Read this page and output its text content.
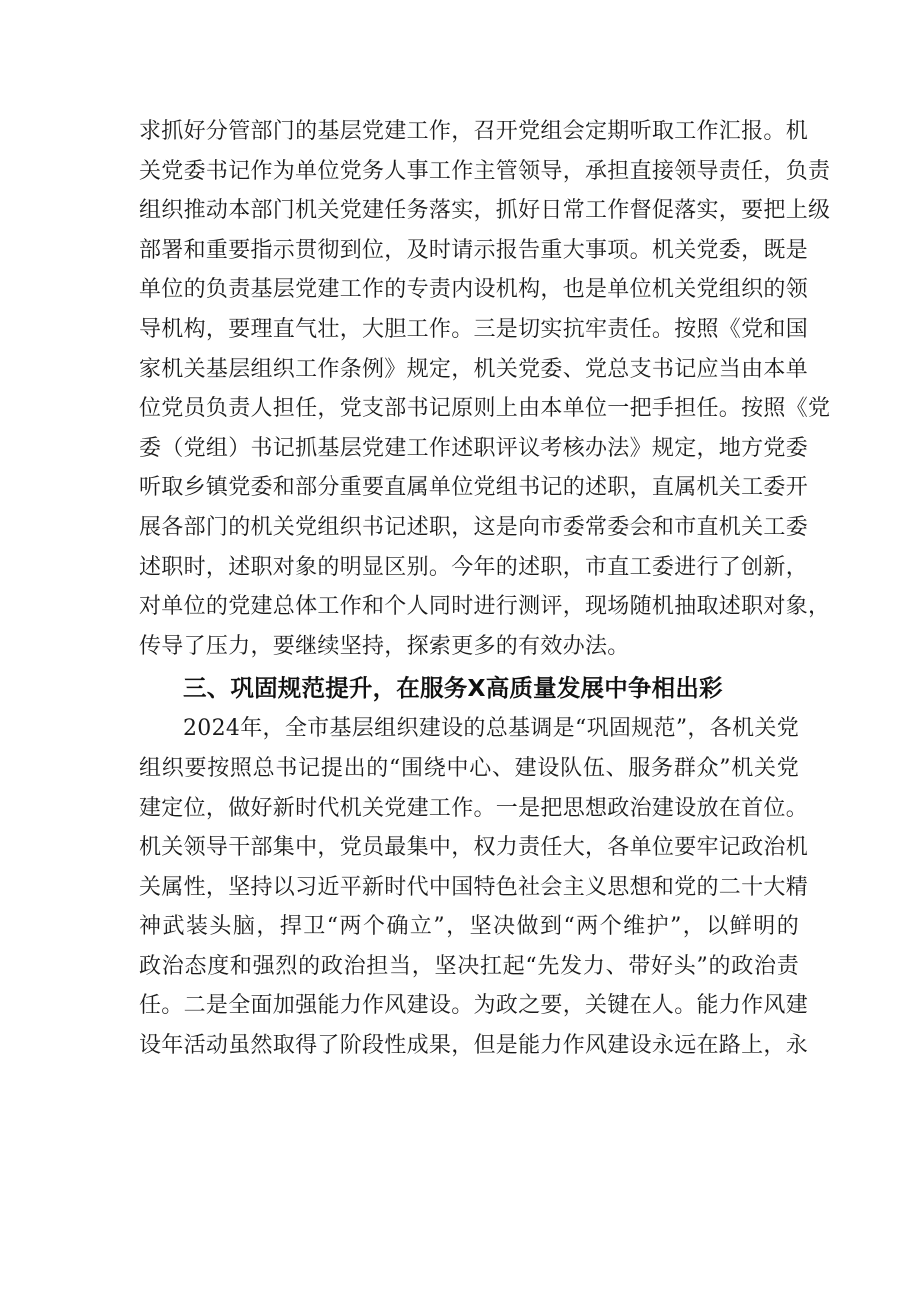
求抓好分管部门的基层党建工作，召开党组会定期听取工作汇报。机
关党委书记作为单位党务人事工作主管领导，承担直接领导责任，负责
组织推动本部门机关党建任务落实，抓好日常工作督促落实，要把上级
部署和重要指示贯彻到位，及时请示报告重大事项。机关党委，既是
单位的负责基层党建工作的专责内设机构，也是单位机关党组织的领
导机构，要理直气壮，大胆工作。三是切实抗牢责任。按照《党和国
家机关基层组织工作条例》规定，机关党委、党总支书记应当由本单
位党员负责人担任，党支部书记原则上由本单位一把手担任。按照《党
委（党组）书记抓基层党建工作述职评议考核办法》规定，地方党委
听取乡镇党委和部分重要直属单位党组书记的述职，直属机关工委开
展各部门的机关党组织书记述职，这是向市委常委会和市直机关工委
述职时，述职对象的明显区别。今年的述职，市直工委进行了创新，
对单位的党建总体工作和个人同时进行测评，现场随机抽取述职对象，
传导了压力，要继续坚持，探索更多的有效办法。
三、巩固规范提升，在服务X高质量发展中争相出彩
2024年，全市基层组织建设的总基调是“巩固规范”，各机关党
组织要按照总书记提出的“围绕中心、建设队伍、服务群众”机关党
建定位，做好新时代机关党建工作。一是把思想政治建设放在首位。
机关领导干部集中，党员最集中，权力责任大，各单位要牢记政治机
关属性，坚持以习近平新时代中国特色社会主义思想和党的二十大精
神武装头脑，捍卫“两个确立”，坚决做到“两个维护”，以鲜明的
政治态度和强烈的政治担当，坚决扛起“先发力、带好头”的政治责
任。二是全面加强能力作风建设。为政之要，关键在人。能力作风建
设年活动虽然取得了阶段性成果，但是能力作风建设永远在路上，永
